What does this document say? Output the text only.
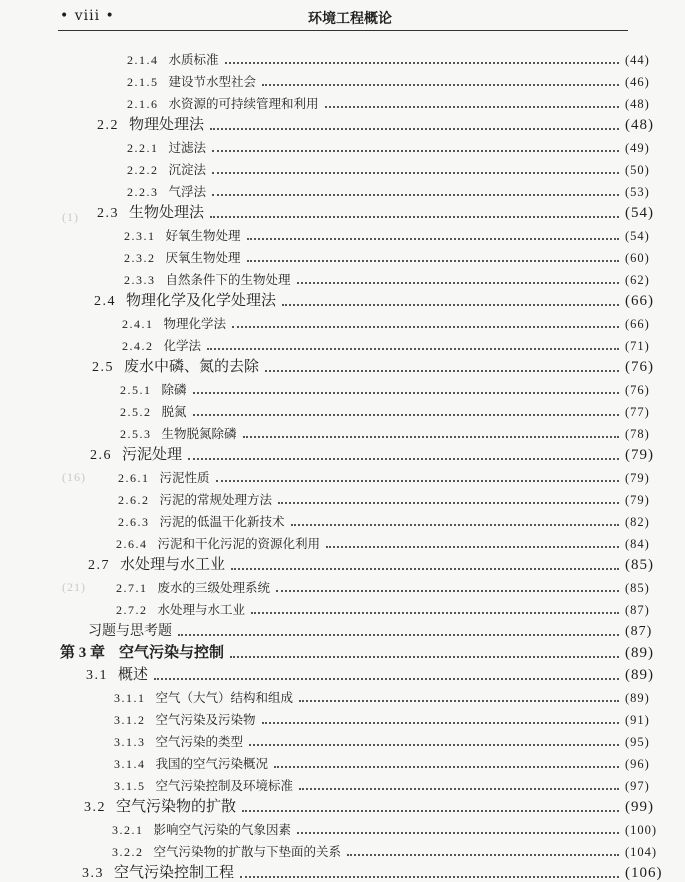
• viii •	环境工程概论
(1)
(16)
(21)
2.1.4 水质标准	(44)
2.1.5 建设节水型社会	(46)
2.1.6 水资源的可持续管理和利用	(48)
2.2 物理处理法	(48)
2.2.1 过滤法	(49)
2.2.2 沉淀法	(50)
2.2.3 气浮法	(53)
2.3 生物处理法	(54)
2.3.1 好氧生物处理	(54)
2.3.2 厌氧生物处理	(60)
2.3.3 自然条件下的生物处理	(62)
2.4 物理化学及化学处理法	(66)
2.4.1 物理化学法	(66)
2.4.2 化学法	(71)
2.5 废水中磷、氮的去除	(76)
2.5.1 除磷	(76)
2.5.2 脱氮	(77)
2.5.3 生物脱氮除磷	(78)
2.6 污泥处理	(79)
2.6.1 污泥性质	(79)
2.6.2 污泥的常规处理方法	(79)
2.6.3 污泥的低温干化新技术	(82)
2.6.4 污泥和干化污泥的资源化利用	(84)
2.7 水处理与水工业	(85)
2.7.1 废水的三级处理系统	(85)
2.7.2 水处理与水工业	(87)
习题与思考题	(87)
第 3 章 空气污染与控制	(89)
3.1 概述	(89)
3.1.1 空气（大气）结构和组成	(89)
3.1.2 空气污染及污染物	(91)
3.1.3 空气污染的类型	(95)
3.1.4 我国的空气污染概况	(96)
3.1.5 空气污染控制及环境标准	(97)
3.2 空气污染物的扩散	(99)
3.2.1 影响空气污染的气象因素	(100)
3.2.2 空气污染物的扩散与下垫面的关系	(104)
3.3 空气污染控制工程	(106)
